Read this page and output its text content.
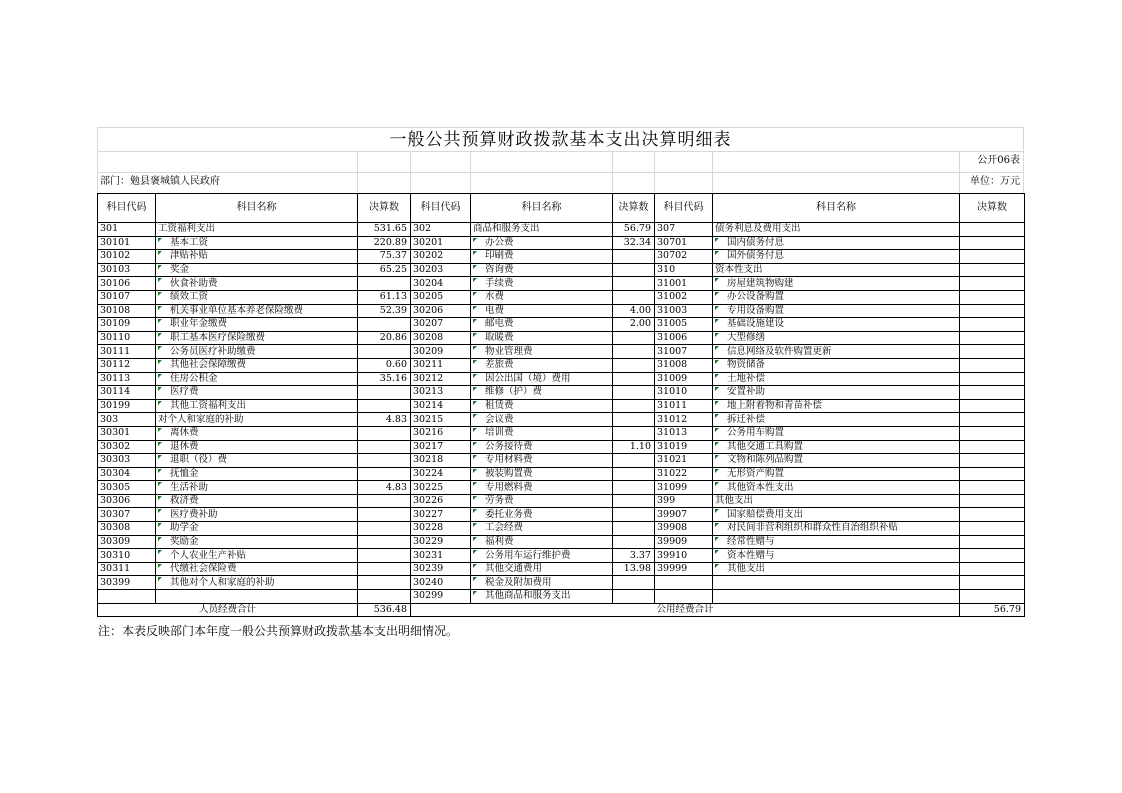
一般公共预算财政拨款基本支出决算明细表
公开06表
部门：勉县褒城镇人民政府	单位：万元
科目代码	科目名称	决算数	科目代码	科目名称	决算数	科目代码	科目名称	决算数
301	工资福利支出	531.65	302	商品和服务支出	56.79	307	债务利息及费用支出	
30101	基本工资	220.89	30201	办公费	32.34	30701	国内债务付息	
30102	津贴补贴	75.37	30202	印刷费		30702	国外债务付息	
30103	奖金	65.25	30203	咨询费		310	资本性支出	
30106	伙食补助费		30204	手续费		31001	房屋建筑物购建	
30107	绩效工资	61.13	30205	水费		31002	办公设备购置	
30108	机关事业单位基本养老保险缴费	52.39	30206	电费	4.00	31003	专用设备购置	
30109	职业年金缴费		30207	邮电费	2.00	31005	基础设施建设	
30110	职工基本医疗保险缴费	20.86	30208	取暖费		31006	大型修缮	
30111	公务员医疗补助缴费		30209	物业管理费		31007	信息网络及软件购置更新	
30112	其他社会保障缴费	0.60	30211	差旅费		31008	物资储备	
30113	住房公积金	35.16	30212	因公出国（境）费用		31009	土地补偿	
30114	医疗费		30213	维修（护）费		31010	安置补助	
30199	其他工资福利支出		30214	租赁费		31011	地上附着物和青苗补偿	
303	对个人和家庭的补助	4.83	30215	会议费		31012	拆迁补偿	
30301	离休费		30216	培训费		31013	公务用车购置	
30302	退休费		30217	公务接待费	1.10	31019	其他交通工具购置	
30303	退职（役）费		30218	专用材料费		31021	文物和陈列品购置	
30304	抚恤金		30224	被装购置费		31022	无形资产购置	
30305	生活补助	4.83	30225	专用燃料费		31099	其他资本性支出	
30306	救济费		30226	劳务费		399	其他支出	
30307	医疗费补助		30227	委托业务费		39907	国家赔偿费用支出	
30308	助学金		30228	工会经费		39908	对民间非营利组织和群众性自治组织补贴	
30309	奖励金		30229	福利费		39909	经常性赠与	
30310	个人农业生产补贴		30231	公务用车运行维护费	3.37	39910	资本性赠与	
30311	代缴社会保险费		30239	其他交通费用	13.98	39999	其他支出	
30399	其他对个人和家庭的补助		30240	税金及附加费用				
			30299	其他商品和服务支出				
人员经费合计		536.48	公用经费合计					56.79
注：本表反映部门本年度一般公共预算财政拨款基本支出明细情况。
